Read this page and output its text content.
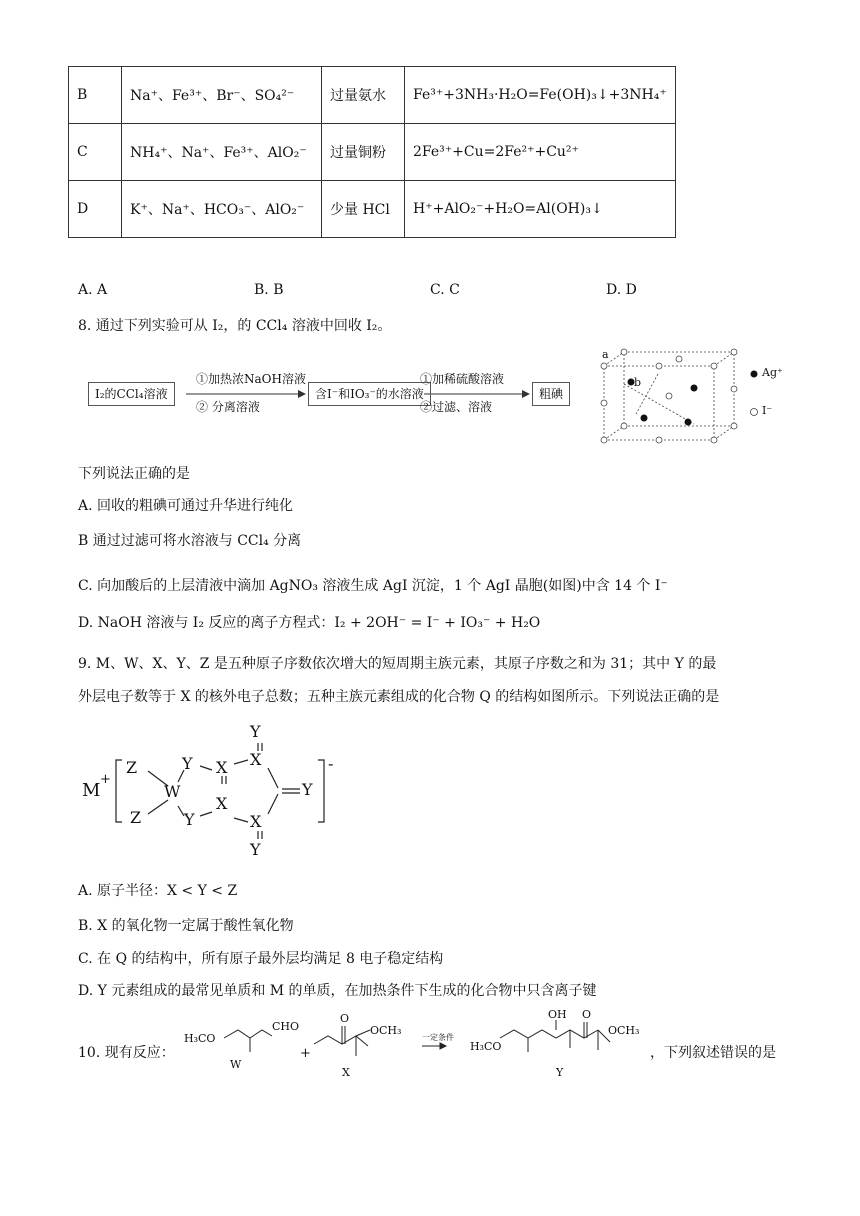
B	Na⁺、Fe³⁺、Br⁻、SO₄²⁻	过量氨水	Fe³⁺+3NH₃·H₂O=Fe(OH)₃↓+3NH₄⁺
C	NH₄⁺、Na⁺、Fe³⁺、AlO₂⁻	过量铜粉	2Fe³⁺+Cu=2Fe²⁺+Cu²⁺
D	K⁺、Na⁺、HCO₃⁻、AlO₂⁻	少量 HCl	H⁺+AlO₂⁻+H₂O=Al(OH)₃↓
A. A	B. B	C. C	D. D
8. 通过下列实验可从 I₂，的 CCl₄ 溶液中回收 I₂。
I₂的CCl₄溶液
①加热浓NaOH溶液
② 分离溶液
含I⁻和IO₃⁻的水溶液
①加稀硫酸溶液
②过滤、溶液
粗碘
a
b
Ag⁺
I⁻
下列说法正确的是
A. 回收的粗碘可通过升华进行纯化
B 通过过滤可将水溶液与 CCl₄ 分离
C. 向加酸后的上层清液中滴加 AgNO₃ 溶液生成 AgI 沉淀，1 个 AgI 晶胞(如图)中含 14 个 I⁻
D. NaOH 溶液与 I₂ 反应的离子方程式：I₂ + 2OH⁻ = I⁻ + IO₃⁻ + H₂O
9. M、W、X、Y、Z 是五种原子序数依次增大的短周期主族元素，其原子序数之和为 31；其中 Y 的最
外层电子数等于 X 的核外电子总数；五种主族元素组成的化合物 Q 的结构如图所示。下列说法正确的是
M
+
-
Z
Z
W
Y
Y
X
X
X
X
Y
Y
Y
A. 原子半径：X < Y < Z
B. X 的氧化物一定属于酸性氧化物
C. 在 Q 的结构中，所有原子最外层均满足 8 电子稳定结构
D. Y 元素组成的最常见单质和 M 的单质，在加热条件下生成的化合物中只含离子键
10. 现有反应：
H₃CO
CHO
W
+
O
OCH₃
X
一定条件
H₃CO
OH O
OCH₃
Y
，下列叙述错误的是
